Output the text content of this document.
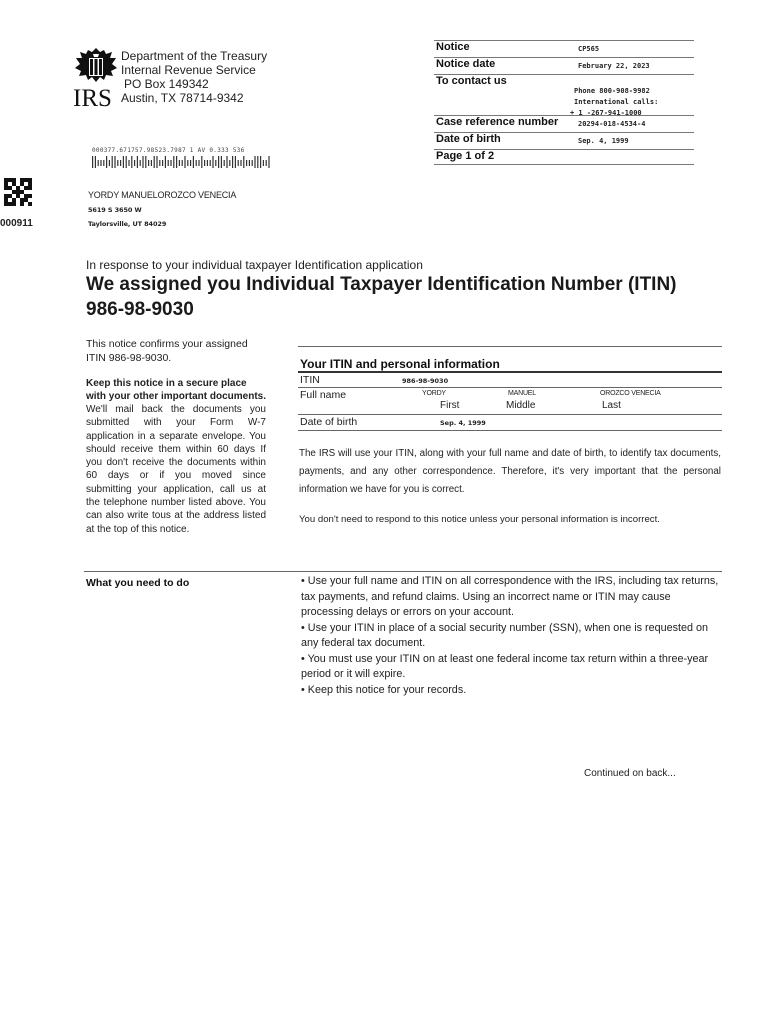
IRS
Department of the Treasury
Internal Revenue Service
PO Box 149342
Austin, TX 78714-9342
Notice	CP565
Notice date	February 22, 2023
To contact us
Phone 800-908-9982
International calls:
+ 1 -267-941-1000
Case reference number	20294-018-4534-4
Date of birth	Sep. 4, 1999
Page 1 of 2
000377.671757.98523.7987 1 AV 0.333 536
000911
YORDY MANUELOROZCO VENECIA
5619 S 3650 W
Taylorsville, UT 84029
In response to your individual taxpayer Identification application
We assigned you Individual Taxpayer Identification Number (ITIN) 986-98-9030
This notice confirms your assigned ITIN 986-98-9030.
Keep this notice in a secure place with your other important documents.
We'll mail back the documents you submitted with your Form W-7 application in a separate envelope. You should receive them within 60 days If you don't receive the documents within 60 days or if you moved since submitting your application, call us at the telephone number listed above. You can also write tous at the address listed at the top of this notice.
Your ITIN and personal information
ITIN	986-98-9030
Full name	YORDY	MANUEL	OROZCO VENECIA
First	Middle	Last
Date of birth	Sep. 4, 1999
The IRS will use your ITIN, along with your full name and date of birth, to identify tax documents, payments, and any other correspondence. Therefore, it's very important that the personal information we have for you is correct.
You don't need to respond to this notice unless your personal information is incorrect.
What you need to do	• Use your full name and ITIN on all correspondence with the IRS, including tax returns, tax payments, and refund claims. Using an incorrect name or ITIN may cause processing delays or errors on your account.

• Use your ITIN in place of a social security number (SSN), when one is requested on any federal tax document.

• You must use your ITIN on at least one federal income tax return within a three-year period or it will expire.

• Keep this notice for your records.

Continued on back...
